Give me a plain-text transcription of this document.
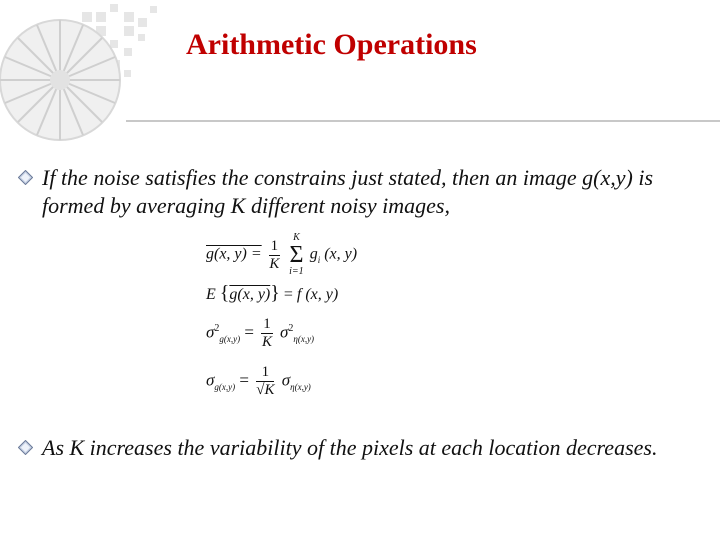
Arithmetic Operations
If the noise satisfies the constrains just stated, then an image g(x,y) is formed by averaging K different noisy images,
g(x, $y) = \frac{1}{K}$
	K
Σ
i=1
$g_i$ (x, y)
E {g(x, y)} = f (x, y)
$\sigma^2_{g(x,y)} = \frac{1}{K} \sigma^2_{\eta(x,y)}$
$\sigma_{g(x,y)} = \frac{1}{√K} \sigma_{\eta(x,y)}$
As K increases the variability of the pixels at each location decreases.
